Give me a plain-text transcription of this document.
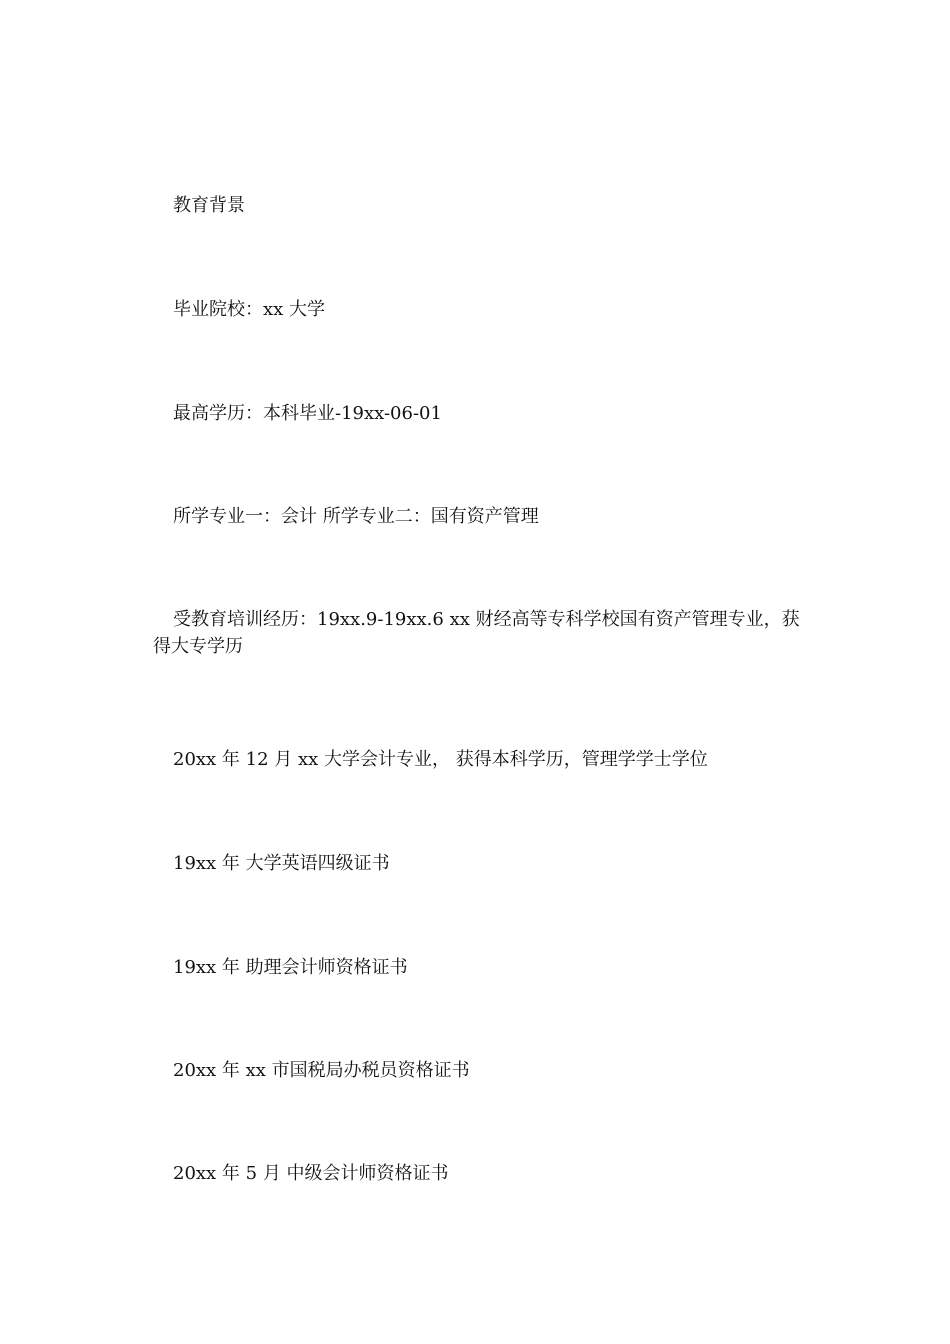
教育背景

毕业院校：xx 大学

最高学历：本科毕业-19xx-06-01

所学专业一：会计 所学专业二：国有资产管理

受教育培训经历：19xx.9-19xx.6 xx 财经高等专科学校国有资产管理专业，获得大专学历

20xx 年 12 月 xx 大学会计专业， 获得本科学历，管理学学士学位

19xx 年 大学英语四级证书

19xx 年 助理会计师资格证书

20xx 年 xx 市国税局办税员资格证书

20xx 年 5 月 中级会计师资格证书
